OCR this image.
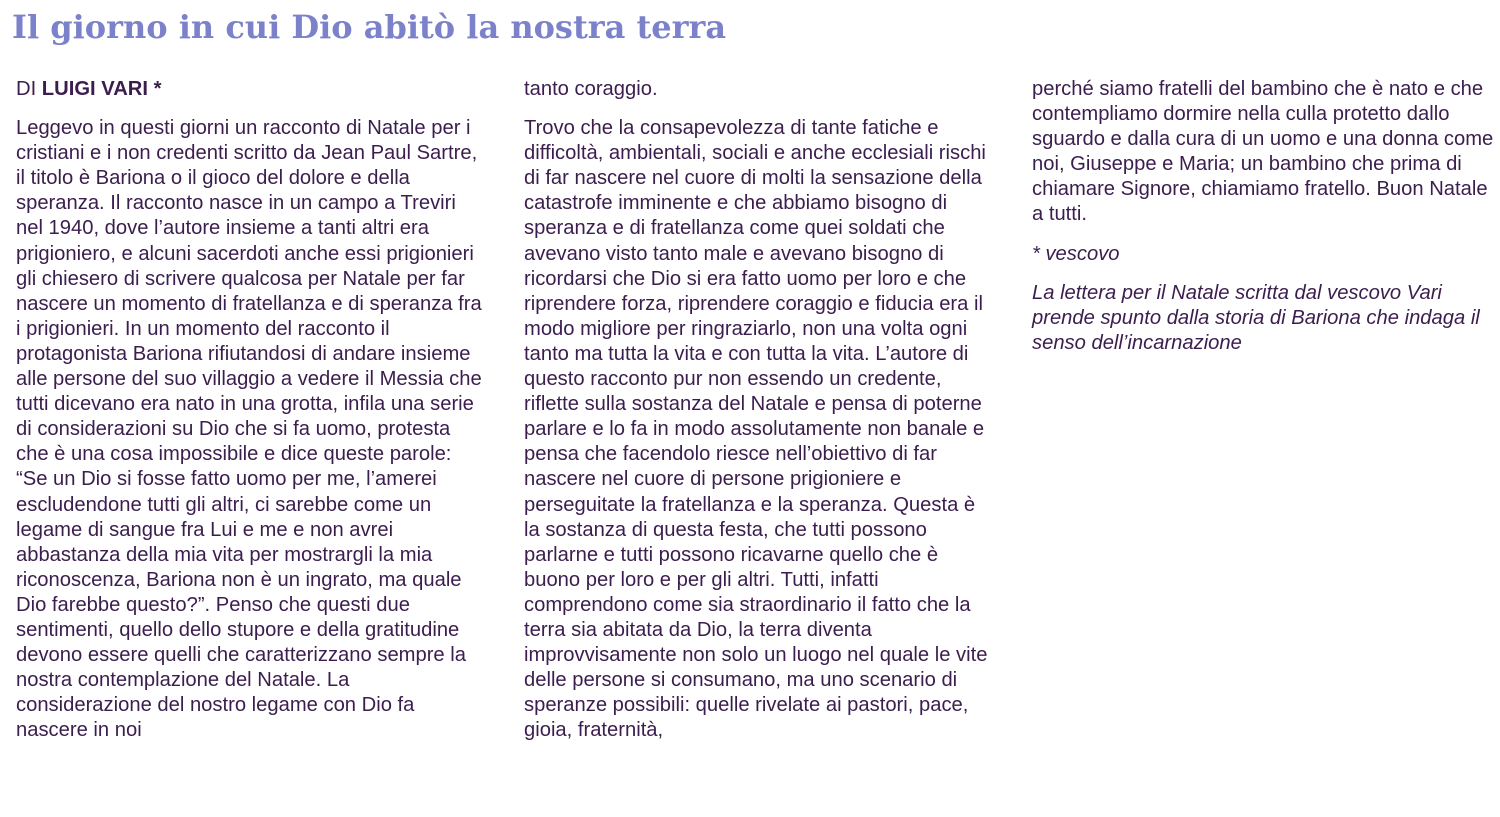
Il giorno in cui Dio abitò la nostra terra

DI LUIGI VARI *

Leggevo in questi giorni un racconto di Natale per i cristiani e i non credenti scritto da Jean Paul Sartre, il titolo è Bariona o il gioco del dolore e della speranza. Il racconto nasce in un campo a Treviri nel 1940, dove l’autore insieme a tanti altri era prigioniero, e alcuni sacerdoti anche essi prigionieri gli chiesero di scrivere qualcosa per Natale per far nascere un momento di fratellanza e di speranza fra i prigionieri. In un momento del racconto il protagonista Bariona rifiutandosi di andare insieme alle persone del suo villaggio a vedere il Messia che tutti dicevano era nato in una grotta, infila una serie di considerazioni su Dio che si fa uomo, protesta che è una cosa impossibile e dice queste parole: “Se un Dio si fosse fatto uomo per me, l’amerei escludendone tutti gli altri, ci sarebbe come un legame di sangue fra Lui e me e non avrei abbastanza della mia vita per mostrargli la mia riconoscenza, Bariona non è un ingrato, ma quale Dio farebbe questo?”. Penso che questi due sentimenti, quello dello stupore e della gratitudine devono essere quelli che caratterizzano sempre la nostra contemplazione del Natale. La considerazione del nostro legame con Dio fa nascere in noi

tanto coraggio.

Trovo che la consapevolezza di tante fatiche e difficoltà, ambientali, sociali e anche ecclesiali rischi di far nascere nel cuore di molti la sensazione della catastrofe imminente e che abbiamo bisogno di speranza e di fratellanza come quei soldati che avevano visto tanto male e avevano bisogno di ricordarsi che Dio si era fatto uomo per loro e che riprendere forza, riprendere coraggio e fiducia era il modo migliore per ringraziarlo, non una volta ogni tanto ma tutta la vita e con tutta la vita. L’autore di questo racconto pur non essendo un credente, riflette sulla sostanza del Natale e pensa di poterne parlare e lo fa in modo assolutamente non banale e pensa che facendolo riesce nell’obiettivo di far nascere nel cuore di persone prigioniere e perseguitate la fratellanza e la speranza. Questa è la sostanza di questa festa, che tutti possono parlarne e tutti possono ricavarne quello che è buono per loro e per gli altri. Tutti, infatti comprendono come sia straordinario il fatto che la terra sia abitata da Dio, la terra diventa improvvisamente non solo un luogo nel quale le vite delle persone si consumano, ma uno scenario di speranze possibili: quelle rivelate ai pastori, pace, gioia, fraternità,

perché siamo fratelli del bambino che è nato e che contempliamo dormire nella culla protetto dallo sguardo e dalla cura di un uomo e una donna come noi, Giuseppe e Maria; un bambino che prima di chiamare Signore, chiamiamo fratello. Buon Natale a tutti.

* vescovo

La lettera per il Natale scritta dal vescovo Vari prende spunto dalla storia di Bariona che indaga il senso dell’incarnazione
